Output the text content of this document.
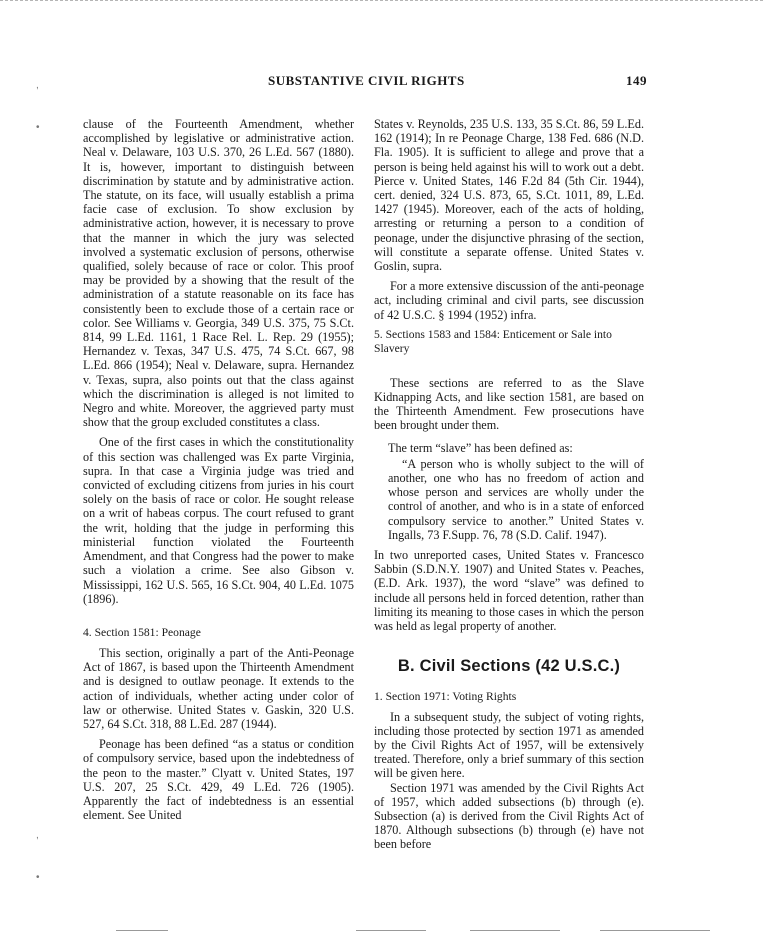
SUBSTANTIVE CIVIL RIGHTS	149
,
•
,
•

clause of the Fourteenth Amendment, whether accomplished by legislative or administrative action. Neal v. Delaware, 103 U.S. 370, 26 L.Ed. 567 (1880). It is, however, important to distinguish between discrimination by statute and by administrative action. The statute, on its face, will usually establish a prima facie case of exclusion. To show exclusion by administrative action, however, it is necessary to prove that the manner in which the jury was selected involved a systematic exclusion of persons, otherwise qualified, solely because of race or color. This proof may be provided by a showing that the result of the administration of a statute reasonable on its face has consistently been to exclude those of a certain race or color. See Williams v. Georgia, 349 U.S. 375, 75 S.Ct. 814, 99 L.Ed. 1161, 1 Race Rel. L. Rep. 29 (1955); Hernandez v. Texas, 347 U.S. 475, 74 S.Ct. 667, 98 L.Ed. 866 (1954); Neal v. Delaware, supra. Hernandez v. Texas, supra, also points out that the class against which the discrimination is alleged is not limited to Negro and white. Moreover, the aggrieved party must show that the group excluded constitutes a class.

One of the first cases in which the constitutionality of this section was challenged was Ex parte Virginia, supra. In that case a Virginia judge was tried and convicted of excluding citizens from juries in his court solely on the basis of race or color. He sought release on a writ of habeas corpus. The court refused to grant the writ, holding that the judge in performing this ministerial function violated the Fourteenth Amendment, and that Congress had the power to make such a violation a crime. See also Gibson v. Mississippi, 162 U.S. 565, 16 S.Ct. 904, 40 L.Ed. 1075 (1896).

4. Section 1581: Peonage

This section, originally a part of the Anti-Peonage Act of 1867, is based upon the Thirteenth Amendment and is designed to outlaw peonage. It extends to the action of individuals, whether acting under color of law or otherwise. United States v. Gaskin, 320 U.S. 527, 64 S.Ct. 318, 88 L.Ed. 287 (1944).

Peonage has been defined “as a status or condition of compulsory service, based upon the indebtedness of the peon to the master.” Clyatt v. United States, 197 U.S. 207, 25 S.Ct. 429, 49 L.Ed. 726 (1905). Apparently the fact of indebtedness is an essential element. See United

States v. Reynolds, 235 U.S. 133, 35 S.Ct. 86, 59 L.Ed. 162 (1914); In re Peonage Charge, 138 Fed. 686 (N.D. Fla. 1905). It is sufficient to allege and prove that a person is being held against his will to work out a debt. Pierce v. United States, 146 F.2d 84 (5th Cir. 1944), cert. denied, 324 U.S. 873, 65, S.Ct. 1011, 89, L.Ed. 1427 (1945). Moreover, each of the acts of holding, arresting or returning a person to a condition of peonage, under the disjunctive phrasing of the section, will constitute a separate offense. United States v. Goslin, supra.

For a more extensive discussion of the anti-peonage act, including criminal and civil parts, see discussion of 42 U.S.C. § 1994 (1952) infra.

5. Sections 1583 and 1584: Enticement or Sale into Slavery

These sections are referred to as the Slave Kidnapping Acts, and like section 1581, are based on the Thirteenth Amendment. Few prosecutions have been brought under them.

The term “slave” has been defined as:

“A person who is wholly subject to the will of another, one who has no freedom of action and whose person and services are wholly under the control of another, and who is in a state of enforced compulsory service to another.” United States v. Ingalls, 73 F.Supp. 76, 78 (S.D. Calif. 1947).

In two unreported cases, United States v. Francesco Sabbin (S.D.N.Y. 1907) and United States v. Peaches, (E.D. Ark. 1937), the word “slave” was defined to include all persons held in forced detention, rather than limiting its meaning to those cases in which the person was held as legal property of another.

B. Civil Sections (42 U.S.C.)

1. Section 1971: Voting Rights

In a subsequent study, the subject of voting rights, including those protected by section 1971 as amended by the Civil Rights Act of 1957, will be extensively treated. Therefore, only a brief summary of this section will be given here.

Section 1971 was amended by the Civil Rights Act of 1957, which added subsections (b) through (e). Subsection (a) is derived from the Civil Rights Act of 1870. Although subsections (b) through (e) have not been before
